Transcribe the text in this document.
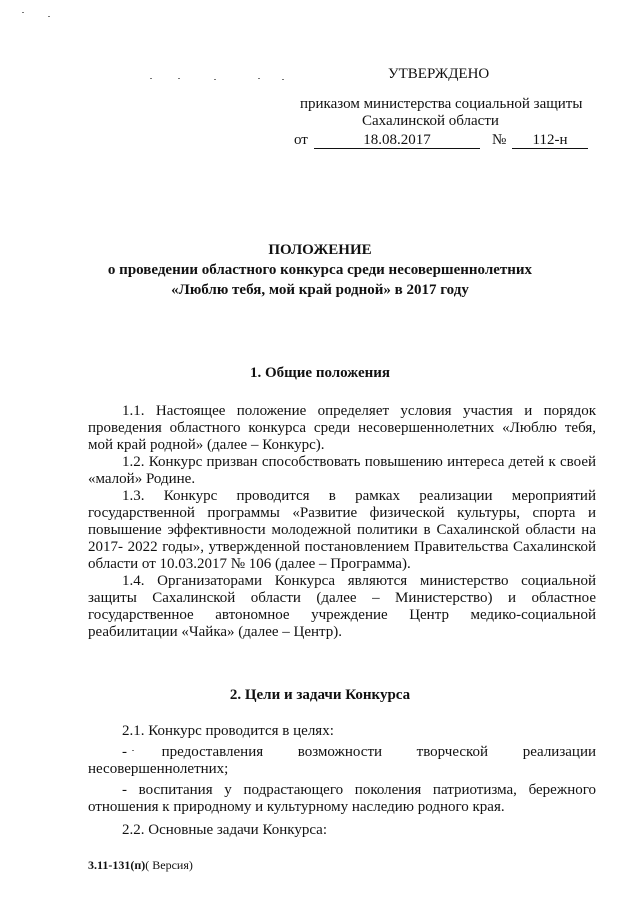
УТВЕРЖДЕНО
приказом министерства социальной защиты
Сахалинской области
от	18.08.2017	№	112-н
ПОЛОЖЕНИЕ
о проведении областного конкурса среди несовершеннолетних
«Люблю тебя, мой край родной» в 2017 году
1. Общие положения

1.1. Настоящее положение определяет условия участия и порядок проведения областного конкурса среди несовершеннолетних «Люблю тебя, мой край родной» (далее – Конкурс).

1.2. Конкурс призван способствовать повышению интереса детей к своей «малой» Родине.

1.3. Конкурс проводится в рамках реализации мероприятий государственной программы «Развитие физической культуры, спорта и повышение эффективности молодежной политики в Сахалинской области на 2017- 2022 годы», утвержденной постановлением Правительства Сахалинской области от 10.03.2017 № 106 (далее – Программа).

1.4. Организаторами Конкурса являются министерство социальной защиты Сахалинской области (далее – Министерство) и областное государственное автономное учреждение Центр медико-социальной реабилитации «Чайка» (далее – Центр).

2. Цели и задачи Конкурса

2.1. Конкурс проводится в целях:

- предоставления возможности творческой реализации

несовершеннолетних;

- воспитания у подрастающего поколения патриотизма, бережного отношения к природному и культурному наследию родного края.

2.2. Основные задачи Конкурса:

3.11-131(п)( Версия)
